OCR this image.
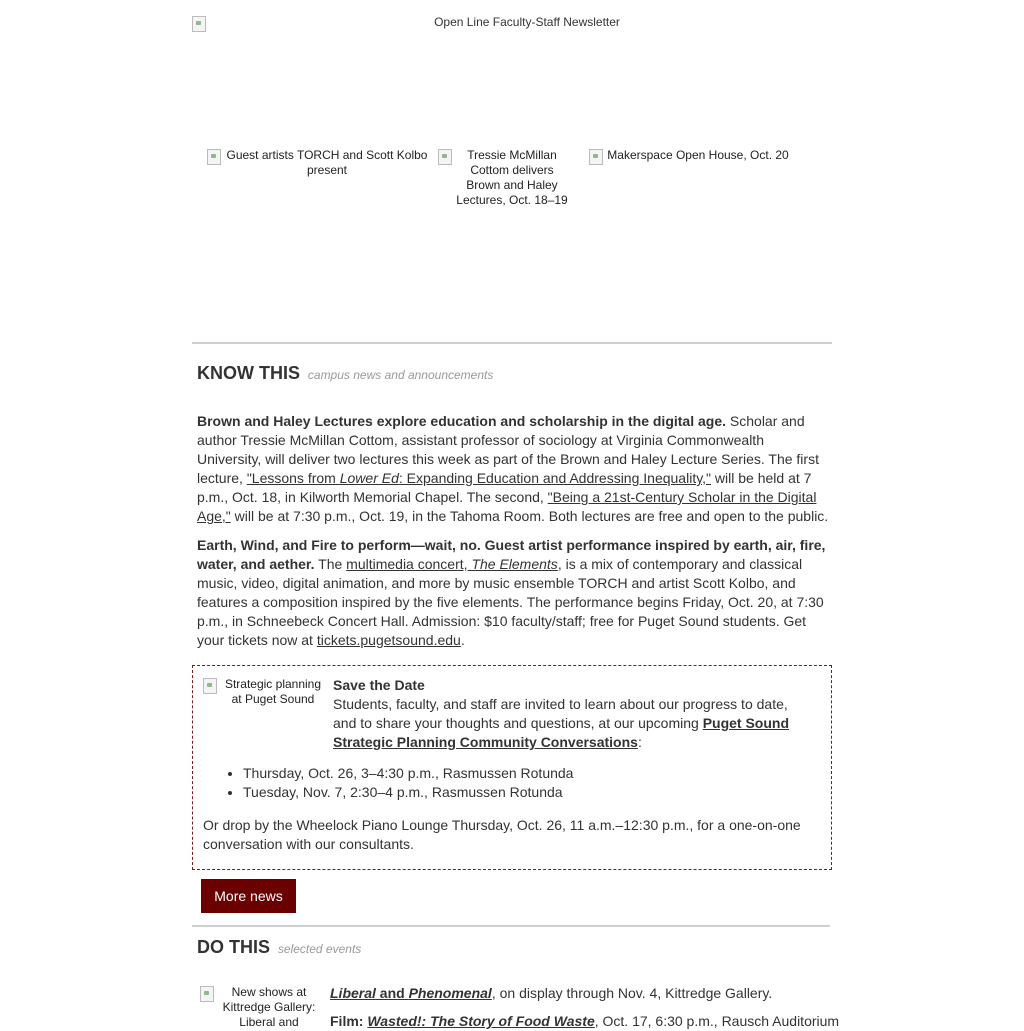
Open Line Faculty-Staff Newsletter
Guest artists TORCH and Scott Kolbo present
Tressie McMillan Cottom delivers Brown and Haley Lectures, Oct. 18–19
Makerspace Open House, Oct. 20
KNOW THIS campus news and announcements

Brown and Haley Lectures explore education and scholarship in the digital age. Scholar and author Tressie McMillan Cottom, assistant professor of sociology at Virginia Commonwealth University, will deliver two lectures this week as part of the Brown and Haley Lecture Series. The first lecture, "Lessons from Lower Ed: Expanding Education and Addressing Inequality," will be held at 7 p.m., Oct. 18, in Kilworth Memorial Chapel. The second, "Being a 21st-Century Scholar in the Digital Age," will be at 7:30 p.m., Oct. 19, in the Tahoma Room. Both lectures are free and open to the public.

Earth, Wind, and Fire to perform—wait, no. Guest artist performance inspired by earth, air, fire, water, and aether. The multimedia concert, The Elements, is a mix of contemporary and classical music, video, digital animation, and more by music ensemble TORCH and artist Scott Kolbo, and features a composition inspired by the five elements. The performance begins Friday, Oct. 20, at 7:30 p.m., in Schneebeck Concert Hall. Admission: $10 faculty/staff; free for Puget Sound students. Get your tickets now at tickets.pugetsound.edu.

Strategic planning at Puget Sound
Save the Date
Students, faculty, and staff are invited to learn about our progress to date, and to share your thoughts and questions, at our upcoming Puget Sound Strategic Planning Community Conversations:
• Thursday, Oct. 26, 3–4:30 p.m., Rasmussen Rotunda
• Tuesday, Nov. 7, 2:30–4 p.m., Rasmussen Rotunda
Or drop by the Wheelock Piano Lounge Thursday, Oct. 26, 11 a.m.–12:30 p.m., for a one-on-one conversation with our consultants.
More news
DO THIS selected events
New shows at Kittredge Gallery: Liberal and
Liberal and Phenomenal, on display through Nov. 4, Kittredge Gallery.
Film: Wasted!: The Story of Food Waste, Oct. 17, 6:30 p.m., Rausch Auditorium
